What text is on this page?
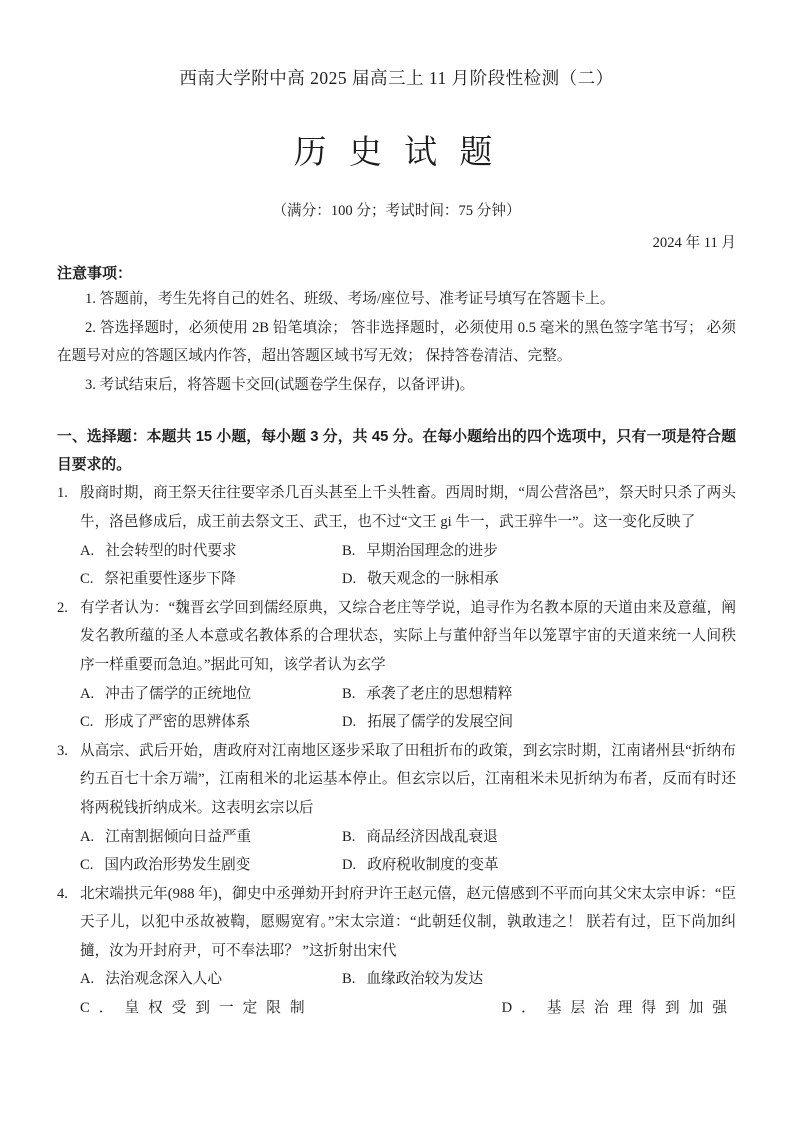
西南大学附中高 2025 届高三上 11 月阶段性检测（二）
历 史 试 题
（满分：100 分；考试时间：75 分钟）
2024 年 11 月
注意事项：

1. 答题前，考生先将自己的姓名、班级、考场/座位号、准考证号填写在答题卡上。

2. 答选择题时，必须使用 2B 铅笔填涂； 答非选择题时，必须使用 0.5 毫米的黑色签字笔书写； 必须在题号对应的答题区域内作答，超出答题区域书写无效； 保持答卷清洁、完整。

3. 考试结束后，将答题卡交回(试题卷学生保存，以备评讲)。

一、选择题：本题共 15 小题，每小题 3 分，共 45 分。在每小题给出的四个选项中，只有一项是符合题目要求的。
1. 殷商时期，商王祭天往往要宰杀几百头甚至上千头牲畜。西周时期，“周公营洛邑”，祭天时只杀了两头牛，洛邑修成后，成王前去祭文王、武王，也不过“文王 gi 牛一，武王骍牛一”。这一变化反映了

A. 社会转型的时代要求	B. 早期治国理念的进步
C. 祭祀重要性逐步下降	D. 敬天观念的一脉相承
2. 有学者认为：“魏晋玄学回到儒经原典，又综合老庄等学说，追寻作为名教本原的天道由来及意蕴，阐发名教所蕴的圣人本意或名教体系的合理状态，实际上与董仲舒当年以笼罩宇宙的天道来统一人间秩序一样重要而急迫。”据此可知，该学者认为玄学

A. 冲击了儒学的正统地位	B. 承袭了老庄的思想精粹
C. 形成了严密的思辨体系	D. 拓展了儒学的发展空间
3. 从高宗、武后开始，唐政府对江南地区逐步采取了田租折布的政策，到玄宗时期，江南诸州县“折纳布约五百七十余万端”，江南租米的北运基本停止。但玄宗以后，江南租米未见折纳为布者，反而有时还将两税钱折纳成米。这表明玄宗以后

A. 江南割据倾向日益严重	B. 商品经济因战乱衰退
C. 国内政治形势发生剧变	D. 政府税收制度的变革
4. 北宋端拱元年(988 年)，御史中丞弹劾开封府尹许王赵元僖，赵元僖感到不平而向其父宋太宗申诉：“臣天子儿，以犯中丞故被鞫，愿赐宽宥。”宋太宗道：“此朝廷仪制，孰敢违之！ 朕若有过，臣下尚加纠擿，汝为开封府尹，可不奉法耶？ ”这折射出宋代

A. 法治观念深入人心	B. 血缘政治较为发达
C． 皇权受到一定限制	D． 基层治理得到加强
